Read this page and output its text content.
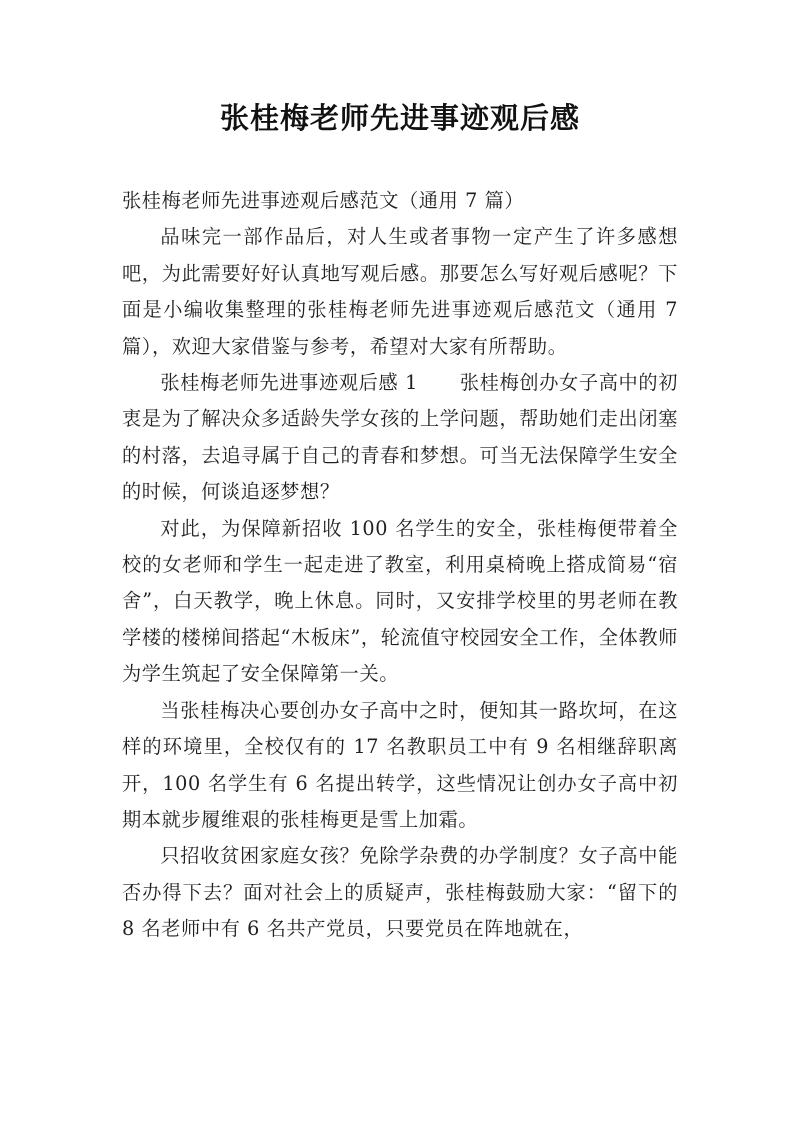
张桂梅老师先进事迹观后感

张桂梅老师先进事迹观后感范文（通用 7 篇）

品味完一部作品后，对人生或者事物一定产生了许多感想吧，为此需要好好认真地写观后感。那要怎么写好观后感呢？下面是小编收集整理的张桂梅老师先进事迹观后感范文（通用 7 篇），欢迎大家借鉴与参考，希望对大家有所帮助。

张桂梅老师先进事迹观后感 1 张桂梅创办女子高中的初衷是为了解决众多适龄失学女孩的上学问题，帮助她们走出闭塞的村落，去追寻属于自己的青春和梦想。可当无法保障学生安全的时候，何谈追逐梦想？

对此，为保障新招收 100 名学生的安全，张桂梅便带着全校的女老师和学生一起走进了教室，利用桌椅晚上搭成简易“宿舍”，白天教学，晚上休息。同时，又安排学校里的男老师在教学楼的楼梯间搭起“木板床”，轮流值守校园安全工作，全体教师为学生筑起了安全保障第一关。

当张桂梅决心要创办女子高中之时，便知其一路坎坷，在这样的环境里，全校仅有的 17 名教职员工中有 9 名相继辞职离开，100 名学生有 6 名提出转学，这些情况让创办女子高中初期本就步履维艰的张桂梅更是雪上加霜。

只招收贫困家庭女孩？免除学杂费的办学制度？女子高中能否办得下去？面对社会上的质疑声，张桂梅鼓励大家：“留下的 8 名老师中有 6 名共产党员，只要党员在阵地就在，
